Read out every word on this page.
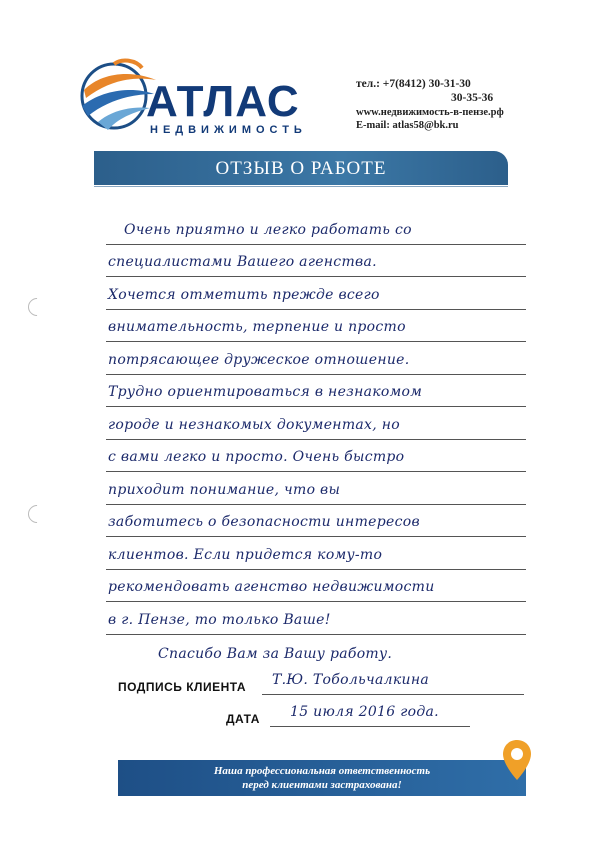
АТЛАС
НЕДВИЖИМОСТЬ
тел.: +7(8412) 30-31-30
30-35-36
www.недвижимость-в-пензе.рф
E-mail: atlas58@bk.ru
ОТЗЫВ О РАБОТЕ
Очень приятно и легко работать со
специалистами Вашего агенства.
Хочется отметить прежде всего
внимательность, терпение и просто
потрясающее дружеское отношение.
Трудно ориентироваться в незнакомом
городе и незнакомых документах, но
с вами легко и просто. Очень быстро
приходит понимание, что вы
заботитесь о безопасности интересов
клиентов. Если придется кому-то
рекомендовать агенство недвижимости
в г. Пензе, то только Ваше!
Спасибо Вам за Вашу работу.
ПОДПИСЬ КЛИЕНТА Т.Ю. Тобольчалкина
ДАТА 15 июля 2016 года.
Наша профессиональная ответственность
перед клиентами застрахована!
